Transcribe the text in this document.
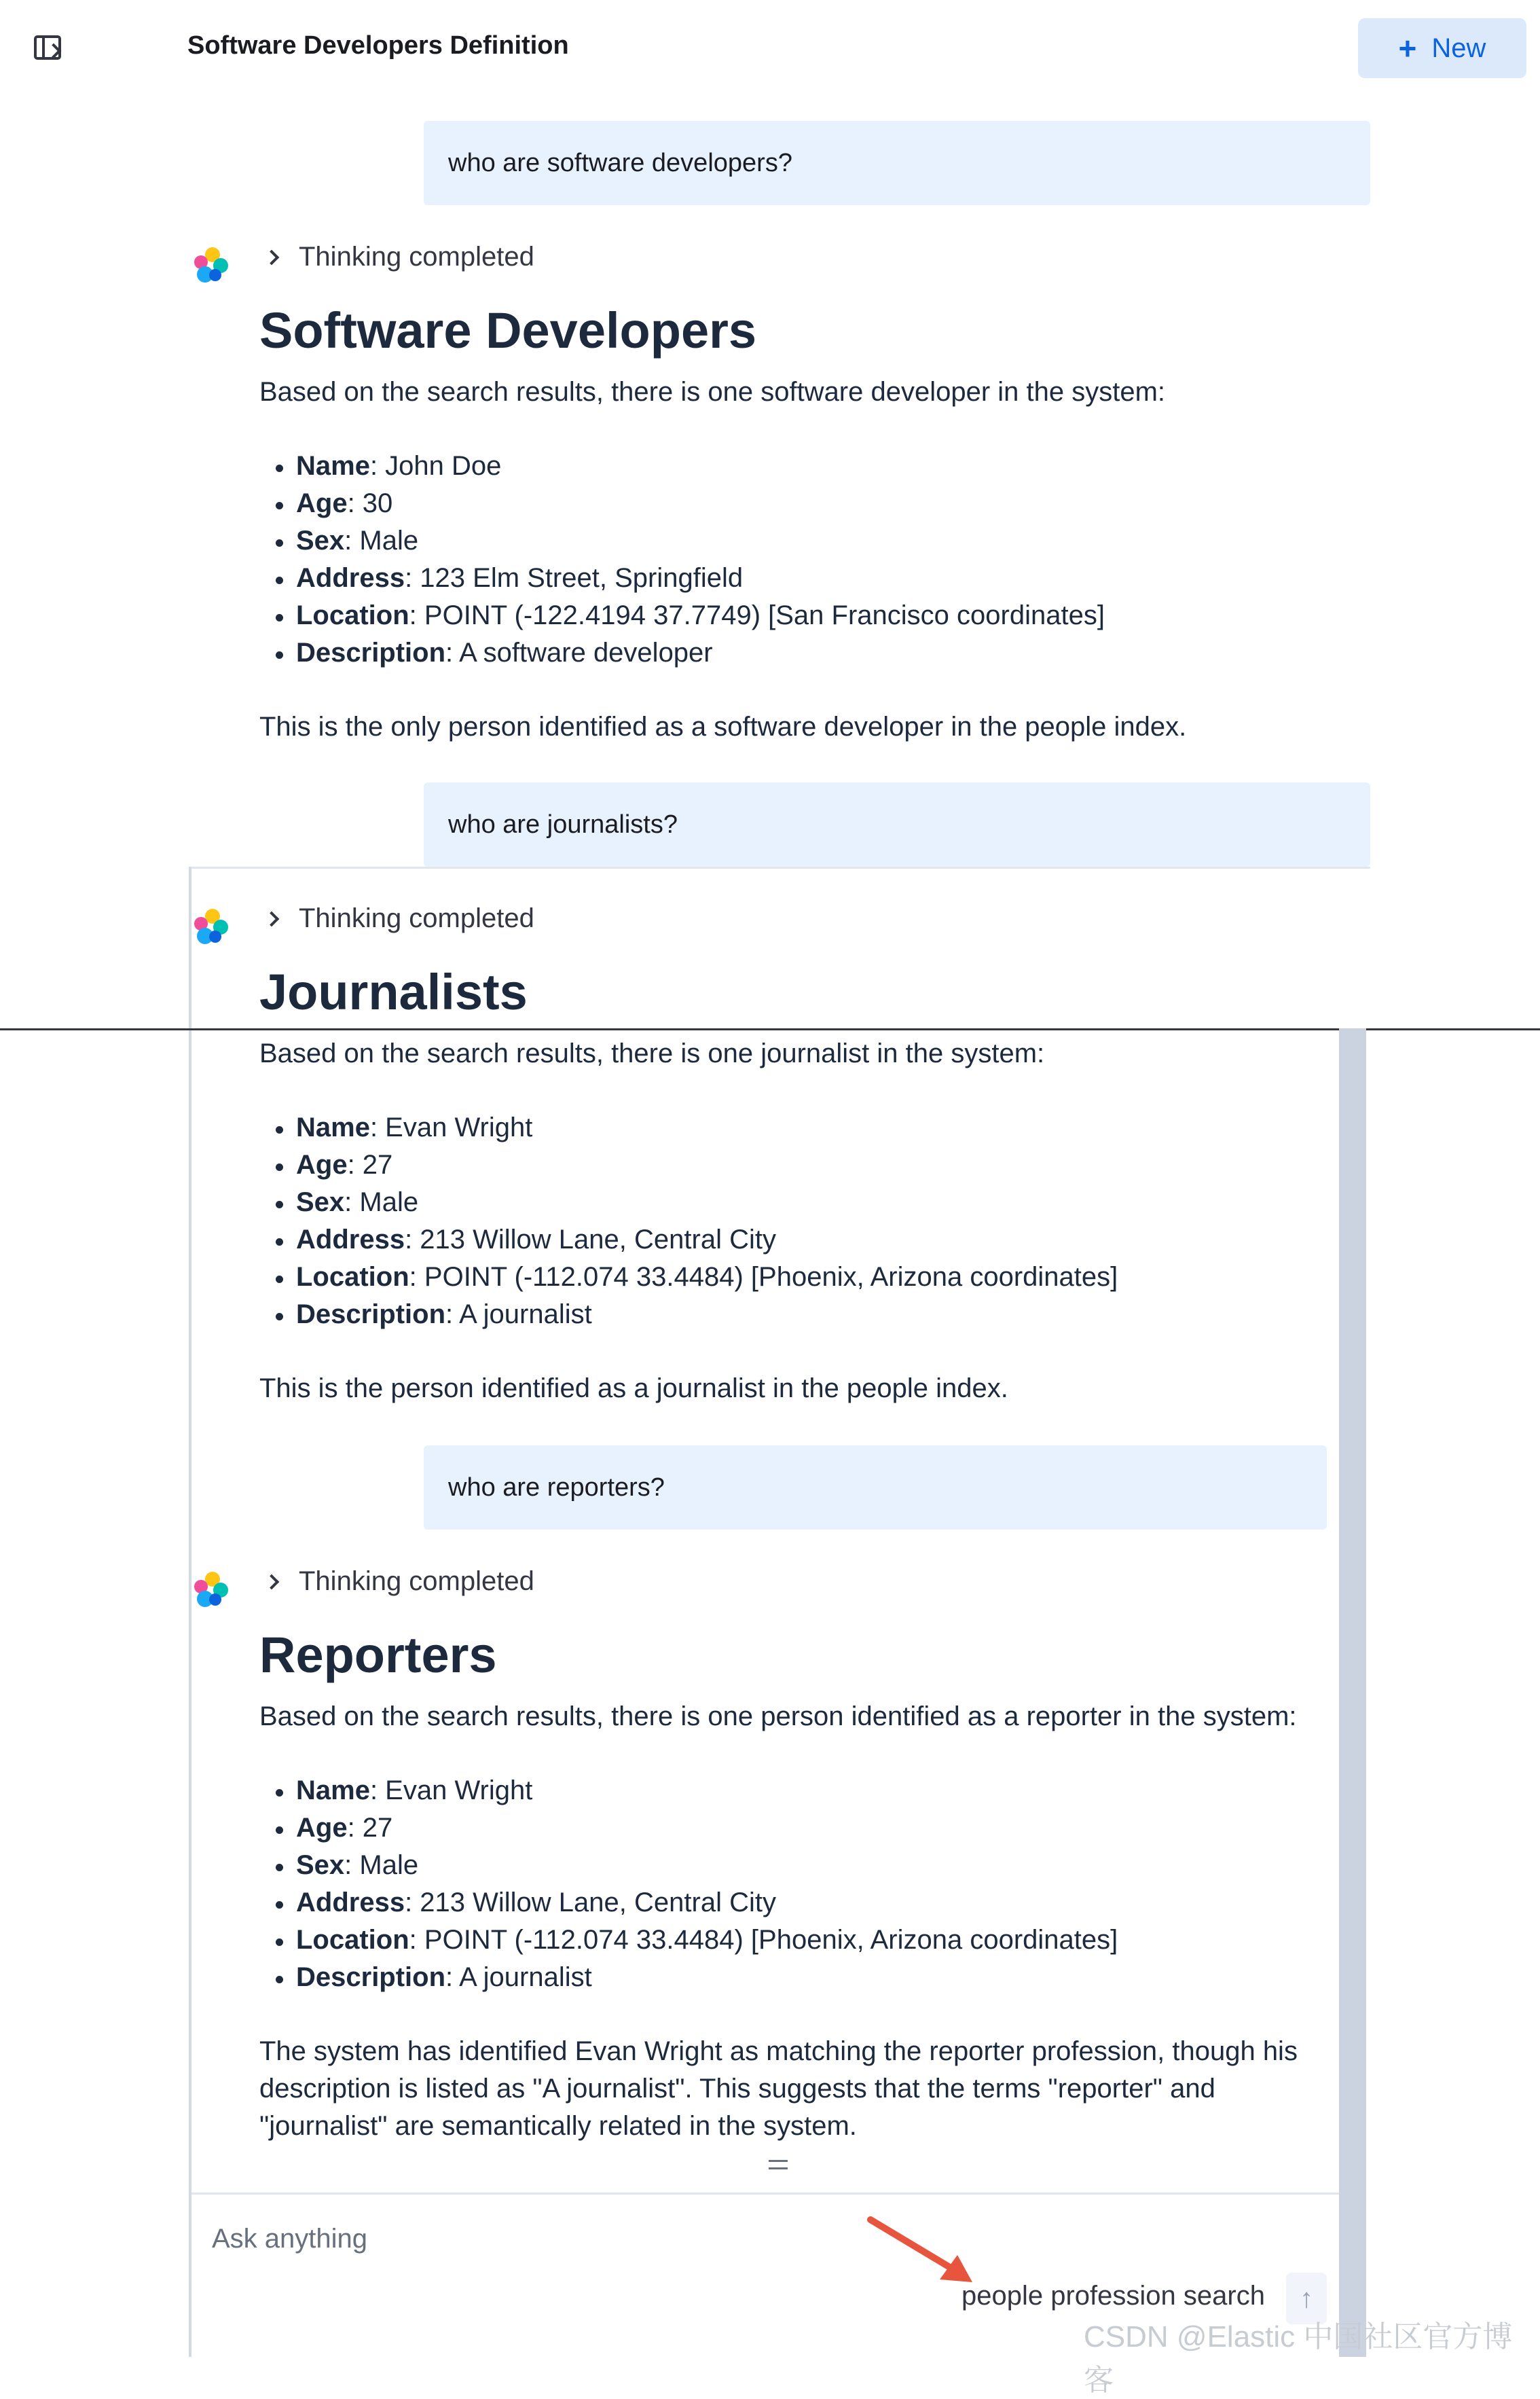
Software Developers Definition	+ New
who are software developers?
Thinking completed
Software Developers

Based on the search results, there is one software developer in the system:

Name: John Doe
Age: 30
Sex: Male
Address: 123 Elm Street, Springfield
Location: POINT (-122.4194 37.7749) [San Francisco coordinates]
Description: A software developer

This is the only person identified as a software developer in the people index.

who are journalists?
Thinking completed
Journalists

Based on the search results, there is one journalist in the system:

Name: Evan Wright
Age: 27
Sex: Male
Address: 213 Willow Lane, Central City
Location: POINT (-112.074 33.4484) [Phoenix, Arizona coordinates]
Description: A journalist

This is the person identified as a journalist in the people index.

who are reporters?
Thinking completed
Reporters

Based on the search results, there is one person identified as a reporter in the system:

Name: Evan Wright
Age: 27
Sex: Male
Address: 213 Willow Lane, Central City
Location: POINT (-112.074 33.4484) [Phoenix, Arizona coordinates]
Description: A journalist

The system has identified Evan Wright as matching the reporter profession, though his description is listed as "A journalist". This suggests that the terms "reporter" and "journalist" are semantically related in the system.

Ask anything
people profession search ↑
CSDN @Elastic 中国社区官方博客
